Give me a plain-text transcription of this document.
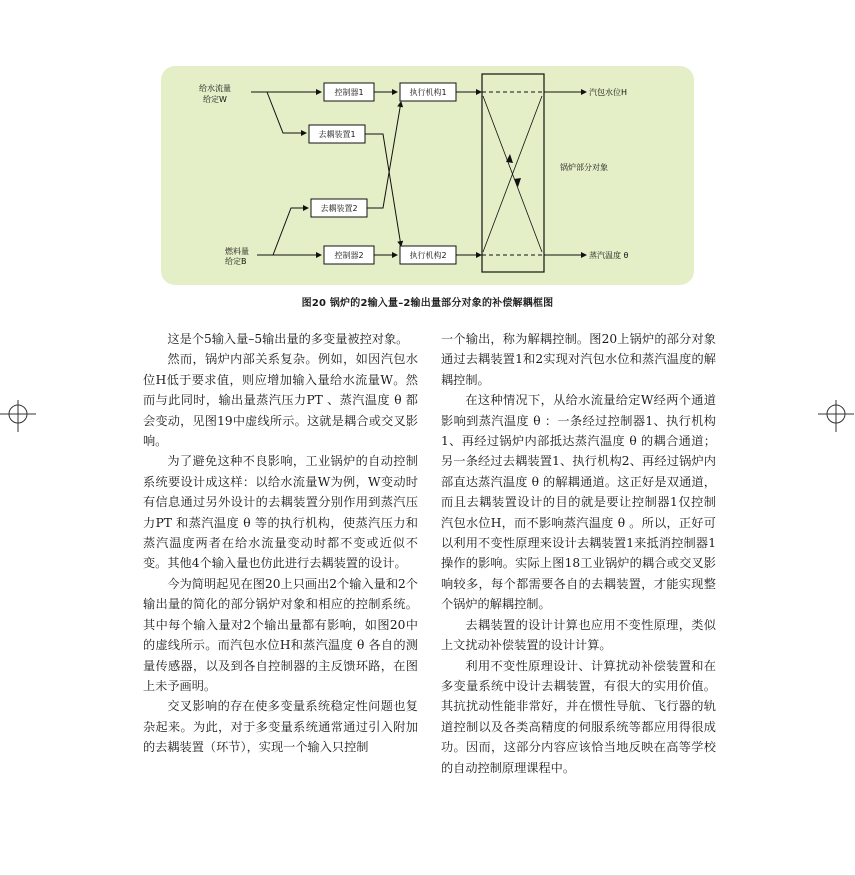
给水流量
给定W
燃料量
给定B
控制器1
控制器2
去耦装置1
去耦装置2
执行机构1
执行机构2
锅炉部分对象
汽包水位H
蒸汽温度 θ
图20 锅炉的2输入量–2输出量部分对象的补偿解耦框图

这是个5输入量–5输出量的多变量被控对象。

然而，锅炉内部关系复杂。例如，如因汽包水位H低于要求值，则应增加输入量给水流量W。然而与此同时，输出量蒸汽压力PT 、蒸汽温度 θ 都会变动，见图19中虚线所示。这就是耦合或交叉影响。

为了避免这种不良影响，工业锅炉的自动控制系统要设计成这样：以给水流量W为例，W变动时有信息通过另外设计的去耦装置分别作用到蒸汽压力PT 和蒸汽温度 θ 等的执行机构，使蒸汽压力和蒸汽温度两者在给水流量变动时都不变或近似不变。其他4个输入量也仿此进行去耦装置的设计。

今为简明起见在图20上只画出2个输入量和2个输出量的简化的部分锅炉对象和相应的控制系统。其中每个输入量对2个输出量都有影响，如图20中的虚线所示。而汽包水位H和蒸汽温度 θ 各自的测量传感器，以及到各自控制器的主反馈环路，在图上未予画明。

交叉影响的存在使多变量系统稳定性问题也复杂起来。为此，对于多变量系统通常通过引入附加的去耦装置（环节），实现一个输入只控制

一个输出，称为解耦控制。图20上锅炉的部分对象通过去耦装置1和2实现对汽包水位和蒸汽温度的解耦控制。

在这种情况下，从给水流量给定W经两个通道影响到蒸汽温度 θ ：一条经过控制器1、执行机构1、再经过锅炉内部抵达蒸汽温度 θ 的耦合通道；另一条经过去耦装置1、执行机构2、再经过锅炉内部直达蒸汽温度 θ 的解耦通道。这正好是双通道，而且去耦装置设计的目的就是要让控制器1仅控制汽包水位H，而不影响蒸汽温度 θ 。所以，正好可以利用不变性原理来设计去耦装置1来抵消控制器1操作的影响。实际上图18工业锅炉的耦合或交叉影响较多，每个都需要各自的去耦装置，才能实现整个锅炉的解耦控制。

去耦装置的设计计算也应用不变性原理，类似上文扰动补偿装置的设计计算。

利用不变性原理设计、计算扰动补偿装置和在多变量系统中设计去耦装置，有很大的实用价值。其抗扰动性能非常好，并在惯性导航、飞行器的轨道控制以及各类高精度的伺服系统等都应用得很成功。因而，这部分内容应该恰当地反映在高等学校的自动控制原理课程中。
